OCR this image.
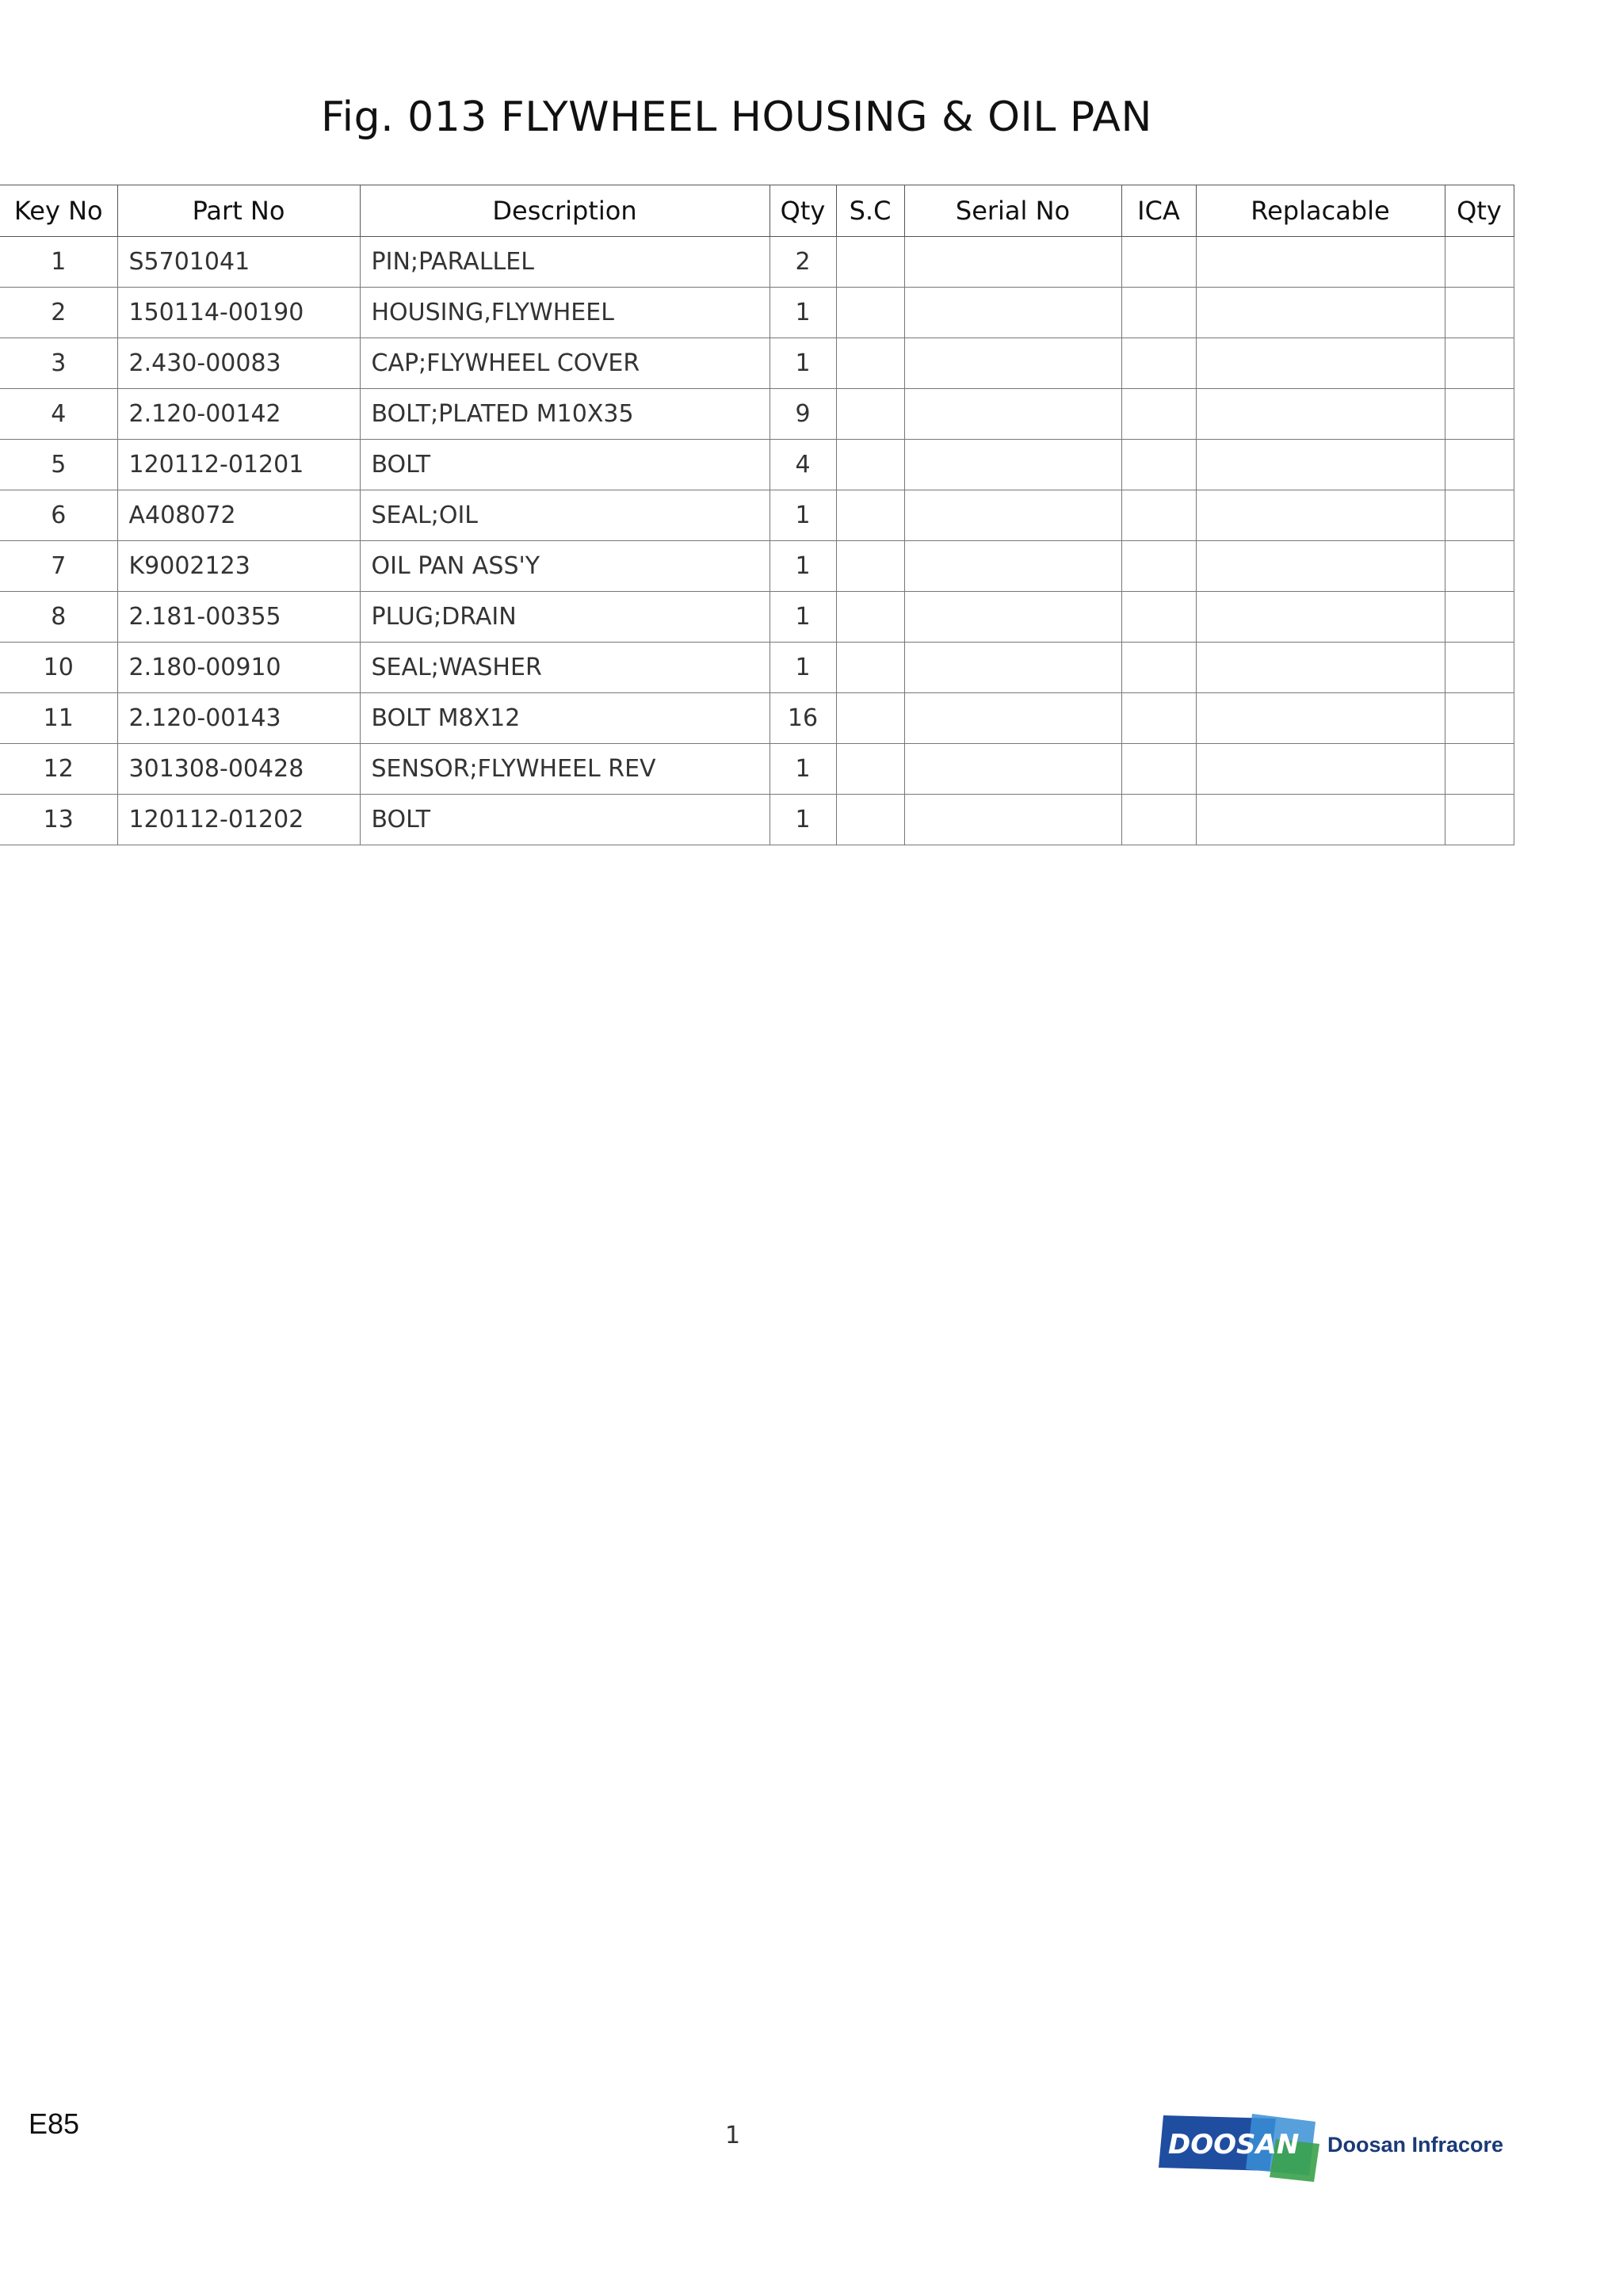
Fig. 013 FLYWHEEL HOUSING & OIL PAN
Key No	Part No	Description	Qty	S.C	Serial No	ICA	Replacable	Qty
1	S5701041	PIN;PARALLEL	2					
2	150114-00190	HOUSING,FLYWHEEL	1					
3	2.430-00083	CAP;FLYWHEEL COVER	1					
4	2.120-00142	BOLT;PLATED M10X35	9					
5	120112-01201	BOLT	4					
6	A408072	SEAL;OIL	1					
7	K9002123	OIL PAN ASS'Y	1					
8	2.181-00355	PLUG;DRAIN	1					
10	2.180-00910	SEAL;WASHER	1					
11	2.120-00143	BOLT M8X12	16					
12	301308-00428	SENSOR;FLYWHEEL REV	1					
13	120112-01202	BOLT	1					
E85	1	DOOSAN Doosan Infracore
